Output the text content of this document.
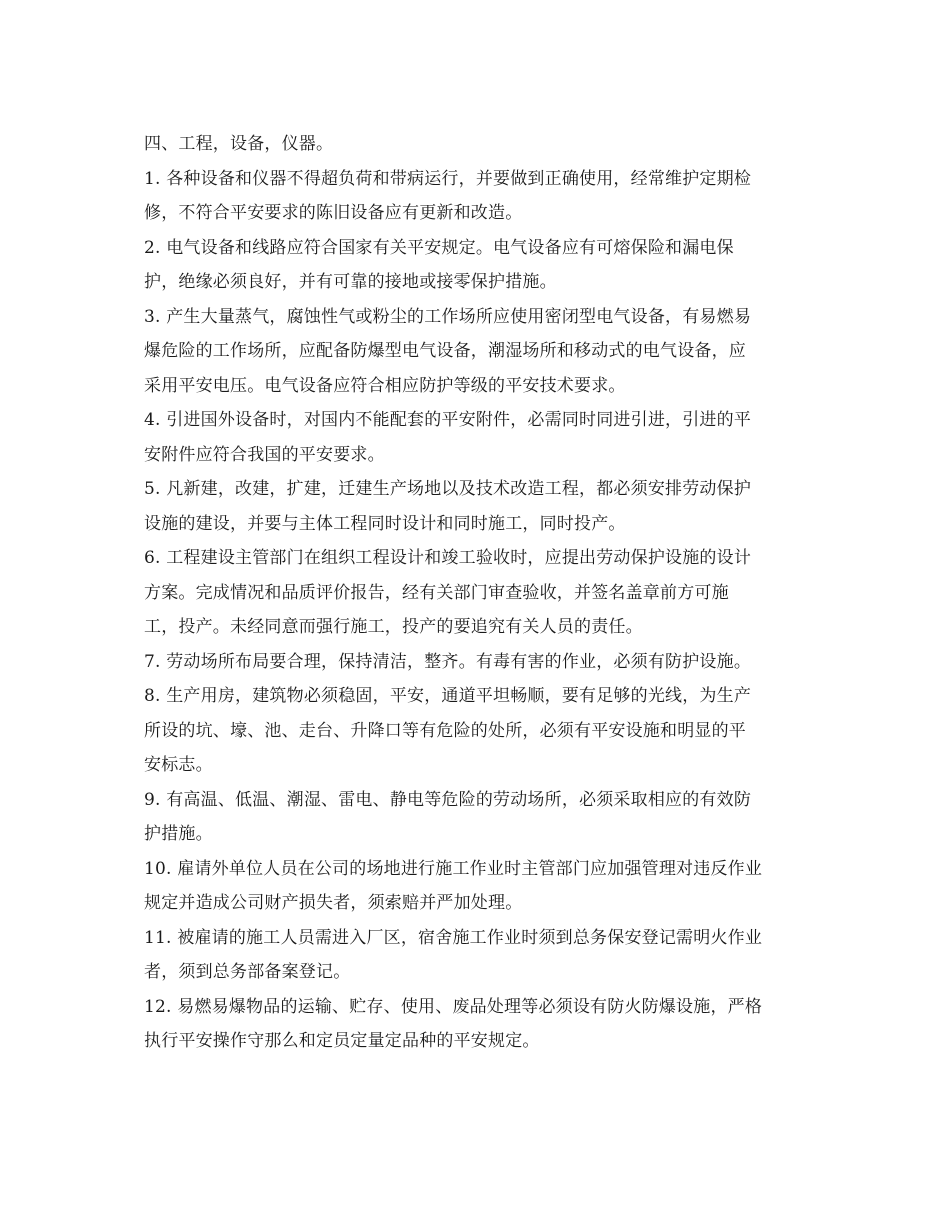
四、工程，设备，仪器。
1. 各种设备和仪器不得超负荷和带病运行，并要做到正确使用，经常维护定期检
修，不符合平安要求的陈旧设备应有更新和改造。
2. 电气设备和线路应符合国家有关平安规定。电气设备应有可熔保险和漏电保
护，绝缘必须良好，并有可靠的接地或接零保护措施。
3. 产生大量蒸气，腐蚀性气或粉尘的工作场所应使用密闭型电气设备，有易燃易
爆危险的工作场所，应配备防爆型电气设备，潮湿场所和移动式的电气设备，应
采用平安电压。电气设备应符合相应防护等级的平安技术要求。
4. 引进国外设备时，对国内不能配套的平安附件，必需同时同进引进，引进的平
安附件应符合我国的平安要求。
5. 凡新建，改建，扩建，迁建生产场地以及技术改造工程，都必须安排劳动保护
设施的建设，并要与主体工程同时设计和同时施工，同时投产。
6. 工程建设主管部门在组织工程设计和竣工验收时，应提出劳动保护设施的设计
方案。完成情况和品质评价报告，经有关部门审查验收，并签名盖章前方可施
工，投产。未经同意而强行施工，投产的要追究有关人员的责任。
7. 劳动场所布局要合理，保持清洁，整齐。有毒有害的作业，必须有防护设施。
8. 生产用房，建筑物必须稳固，平安，通道平坦畅顺，要有足够的光线，为生产
所设的坑、壕、池、走台、升降口等有危险的处所，必须有平安设施和明显的平
安标志。
9. 有高温、低温、潮湿、雷电、静电等危险的劳动场所，必须采取相应的有效防
护措施。
10. 雇请外单位人员在公司的场地进行施工作业时主管部门应加强管理对违反作业
规定并造成公司财产损失者，须索赔并严加处理。
11. 被雇请的施工人员需进入厂区，宿舍施工作业时须到总务保安登记需明火作业
者，须到总务部备案登记。
12. 易燃易爆物品的运输、贮存、使用、废品处理等必须设有防火防爆设施，严格
执行平安操作守那么和定员定量定品种的平安规定。
